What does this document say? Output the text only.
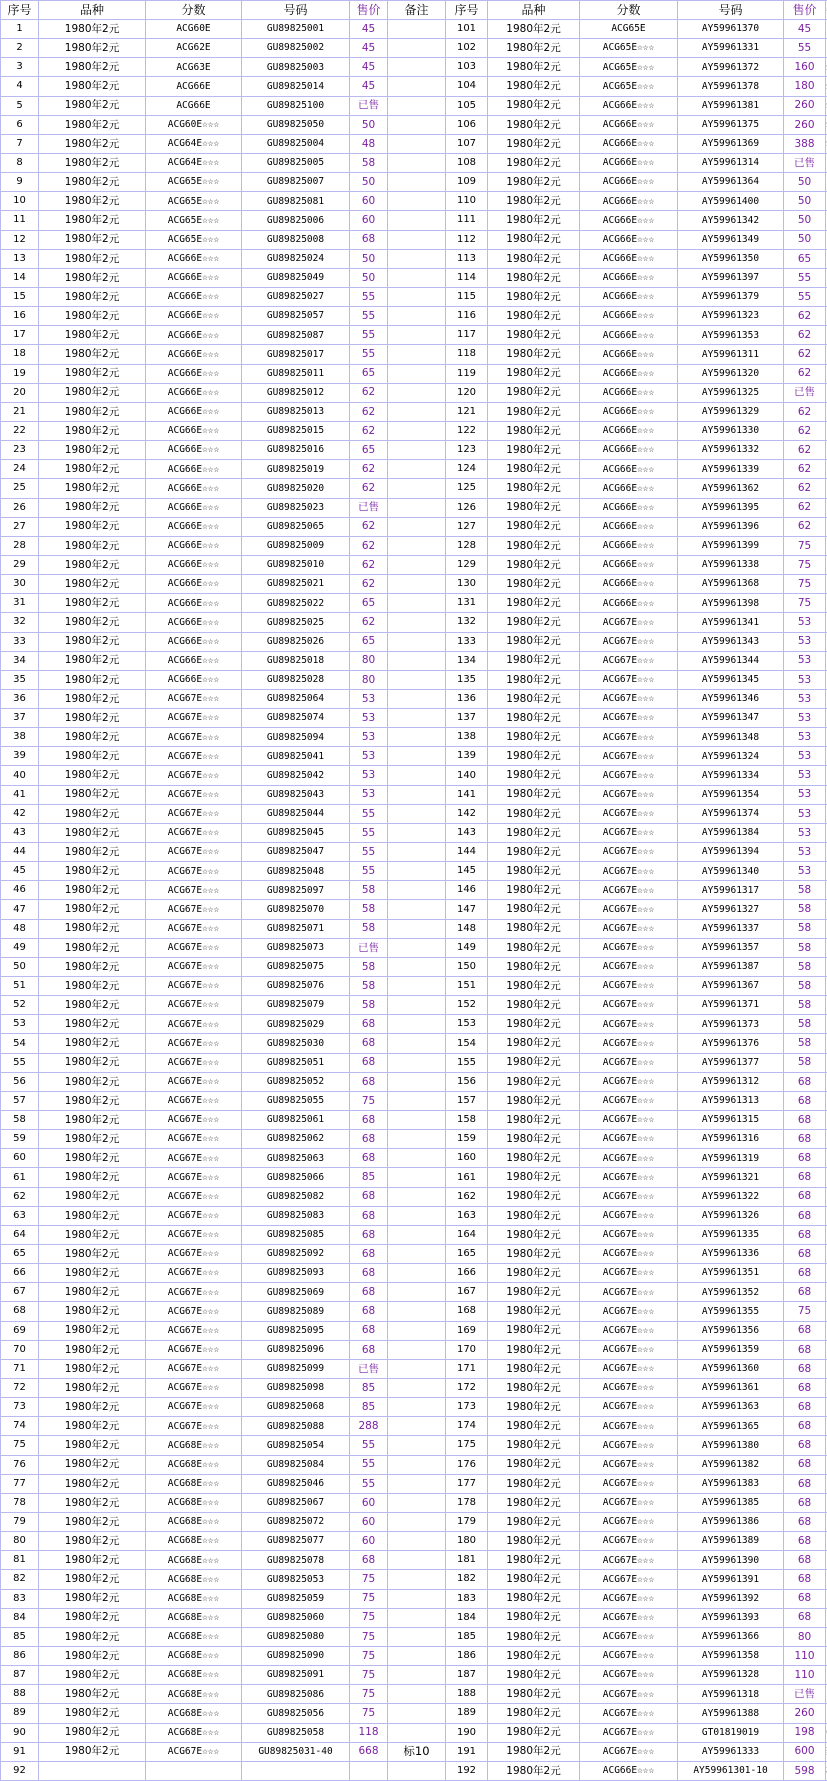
序号	品种	分数	号码	售价	备注	序号	品种	分数	号码	售价	
1	1980年2元	ACG60E	GU89825001	45		101	1980年2元	ACG65E	AY59961370	45	
2	1980年2元	ACG62E	GU89825002	45		102	1980年2元	ACG65E☆☆☆	AY59961331	55	
3	1980年2元	ACG63E	GU89825003	45		103	1980年2元	ACG65E☆☆☆	AY59961372	160	
4	1980年2元	ACG66E	GU89825014	45		104	1980年2元	ACG65E☆☆☆	AY59961378	180	
5	1980年2元	ACG66E	GU89825100	已售		105	1980年2元	ACG66E☆☆☆	AY59961381	260	
6	1980年2元	ACG60E☆☆☆	GU89825050	50		106	1980年2元	ACG66E☆☆☆	AY59961375	260	
7	1980年2元	ACG64E☆☆☆	GU89825004	48		107	1980年2元	ACG66E☆☆☆	AY59961369	388	
8	1980年2元	ACG64E☆☆☆	GU89825005	58		108	1980年2元	ACG66E☆☆☆	AY59961314	已售	
9	1980年2元	ACG65E☆☆☆	GU89825007	50		109	1980年2元	ACG66E☆☆☆	AY59961364	50	
10	1980年2元	ACG65E☆☆☆	GU89825081	60		110	1980年2元	ACG66E☆☆☆	AY59961400	50	
11	1980年2元	ACG65E☆☆☆	GU89825006	60		111	1980年2元	ACG66E☆☆☆	AY59961342	50	
12	1980年2元	ACG65E☆☆☆	GU89825008	68		112	1980年2元	ACG66E☆☆☆	AY59961349	50	
13	1980年2元	ACG66E☆☆☆	GU89825024	50		113	1980年2元	ACG66E☆☆☆	AY59961350	65	
14	1980年2元	ACG66E☆☆☆	GU89825049	50		114	1980年2元	ACG66E☆☆☆	AY59961397	55	
15	1980年2元	ACG66E☆☆☆	GU89825027	55		115	1980年2元	ACG66E☆☆☆	AY59961379	55	
16	1980年2元	ACG66E☆☆☆	GU89825057	55		116	1980年2元	ACG66E☆☆☆	AY59961323	62	
17	1980年2元	ACG66E☆☆☆	GU89825087	55		117	1980年2元	ACG66E☆☆☆	AY59961353	62	
18	1980年2元	ACG66E☆☆☆	GU89825017	55		118	1980年2元	ACG66E☆☆☆	AY59961311	62	
19	1980年2元	ACG66E☆☆☆	GU89825011	65		119	1980年2元	ACG66E☆☆☆	AY59961320	62	
20	1980年2元	ACG66E☆☆☆	GU89825012	62		120	1980年2元	ACG66E☆☆☆	AY59961325	已售	
21	1980年2元	ACG66E☆☆☆	GU89825013	62		121	1980年2元	ACG66E☆☆☆	AY59961329	62	
22	1980年2元	ACG66E☆☆☆	GU89825015	62		122	1980年2元	ACG66E☆☆☆	AY59961330	62	
23	1980年2元	ACG66E☆☆☆	GU89825016	65		123	1980年2元	ACG66E☆☆☆	AY59961332	62	
24	1980年2元	ACG66E☆☆☆	GU89825019	62		124	1980年2元	ACG66E☆☆☆	AY59961339	62	
25	1980年2元	ACG66E☆☆☆	GU89825020	62		125	1980年2元	ACG66E☆☆☆	AY59961362	62	
26	1980年2元	ACG66E☆☆☆	GU89825023	已售		126	1980年2元	ACG66E☆☆☆	AY59961395	62	
27	1980年2元	ACG66E☆☆☆	GU89825065	62		127	1980年2元	ACG66E☆☆☆	AY59961396	62	
28	1980年2元	ACG66E☆☆☆	GU89825009	62		128	1980年2元	ACG66E☆☆☆	AY59961399	75	
29	1980年2元	ACG66E☆☆☆	GU89825010	62		129	1980年2元	ACG66E☆☆☆	AY59961338	75	
30	1980年2元	ACG66E☆☆☆	GU89825021	62		130	1980年2元	ACG66E☆☆☆	AY59961368	75	
31	1980年2元	ACG66E☆☆☆	GU89825022	65		131	1980年2元	ACG66E☆☆☆	AY59961398	75	
32	1980年2元	ACG66E☆☆☆	GU89825025	62		132	1980年2元	ACG67E☆☆☆	AY59961341	53	
33	1980年2元	ACG66E☆☆☆	GU89825026	65		133	1980年2元	ACG67E☆☆☆	AY59961343	53	
34	1980年2元	ACG66E☆☆☆	GU89825018	80		134	1980年2元	ACG67E☆☆☆	AY59961344	53	
35	1980年2元	ACG66E☆☆☆	GU89825028	80		135	1980年2元	ACG67E☆☆☆	AY59961345	53	
36	1980年2元	ACG67E☆☆☆	GU89825064	53		136	1980年2元	ACG67E☆☆☆	AY59961346	53	
37	1980年2元	ACG67E☆☆☆	GU89825074	53		137	1980年2元	ACG67E☆☆☆	AY59961347	53	
38	1980年2元	ACG67E☆☆☆	GU89825094	53		138	1980年2元	ACG67E☆☆☆	AY59961348	53	
39	1980年2元	ACG67E☆☆☆	GU89825041	53		139	1980年2元	ACG67E☆☆☆	AY59961324	53	
40	1980年2元	ACG67E☆☆☆	GU89825042	53		140	1980年2元	ACG67E☆☆☆	AY59961334	53	
41	1980年2元	ACG67E☆☆☆	GU89825043	53		141	1980年2元	ACG67E☆☆☆	AY59961354	53	
42	1980年2元	ACG67E☆☆☆	GU89825044	55		142	1980年2元	ACG67E☆☆☆	AY59961374	53	
43	1980年2元	ACG67E☆☆☆	GU89825045	55		143	1980年2元	ACG67E☆☆☆	AY59961384	53	
44	1980年2元	ACG67E☆☆☆	GU89825047	55		144	1980年2元	ACG67E☆☆☆	AY59961394	53	
45	1980年2元	ACG67E☆☆☆	GU89825048	55		145	1980年2元	ACG67E☆☆☆	AY59961340	53	
46	1980年2元	ACG67E☆☆☆	GU89825097	58		146	1980年2元	ACG67E☆☆☆	AY59961317	58	
47	1980年2元	ACG67E☆☆☆	GU89825070	58		147	1980年2元	ACG67E☆☆☆	AY59961327	58	
48	1980年2元	ACG67E☆☆☆	GU89825071	58		148	1980年2元	ACG67E☆☆☆	AY59961337	58	
49	1980年2元	ACG67E☆☆☆	GU89825073	已售		149	1980年2元	ACG67E☆☆☆	AY59961357	58	
50	1980年2元	ACG67E☆☆☆	GU89825075	58		150	1980年2元	ACG67E☆☆☆	AY59961387	58	
51	1980年2元	ACG67E☆☆☆	GU89825076	58		151	1980年2元	ACG67E☆☆☆	AY59961367	58	
52	1980年2元	ACG67E☆☆☆	GU89825079	58		152	1980年2元	ACG67E☆☆☆	AY59961371	58	
53	1980年2元	ACG67E☆☆☆	GU89825029	68		153	1980年2元	ACG67E☆☆☆	AY59961373	58	
54	1980年2元	ACG67E☆☆☆	GU89825030	68		154	1980年2元	ACG67E☆☆☆	AY59961376	58	
55	1980年2元	ACG67E☆☆☆	GU89825051	68		155	1980年2元	ACG67E☆☆☆	AY59961377	58	
56	1980年2元	ACG67E☆☆☆	GU89825052	68		156	1980年2元	ACG67E☆☆☆	AY59961312	68	
57	1980年2元	ACG67E☆☆☆	GU89825055	75		157	1980年2元	ACG67E☆☆☆	AY59961313	68	
58	1980年2元	ACG67E☆☆☆	GU89825061	68		158	1980年2元	ACG67E☆☆☆	AY59961315	68	
59	1980年2元	ACG67E☆☆☆	GU89825062	68		159	1980年2元	ACG67E☆☆☆	AY59961316	68	
60	1980年2元	ACG67E☆☆☆	GU89825063	68		160	1980年2元	ACG67E☆☆☆	AY59961319	68	
61	1980年2元	ACG67E☆☆☆	GU89825066	85		161	1980年2元	ACG67E☆☆☆	AY59961321	68	
62	1980年2元	ACG67E☆☆☆	GU89825082	68		162	1980年2元	ACG67E☆☆☆	AY59961322	68	
63	1980年2元	ACG67E☆☆☆	GU89825083	68		163	1980年2元	ACG67E☆☆☆	AY59961326	68	
64	1980年2元	ACG67E☆☆☆	GU89825085	68		164	1980年2元	ACG67E☆☆☆	AY59961335	68	
65	1980年2元	ACG67E☆☆☆	GU89825092	68		165	1980年2元	ACG67E☆☆☆	AY59961336	68	
66	1980年2元	ACG67E☆☆☆	GU89825093	68		166	1980年2元	ACG67E☆☆☆	AY59961351	68	
67	1980年2元	ACG67E☆☆☆	GU89825069	68		167	1980年2元	ACG67E☆☆☆	AY59961352	68	
68	1980年2元	ACG67E☆☆☆	GU89825089	68		168	1980年2元	ACG67E☆☆☆	AY59961355	75	
69	1980年2元	ACG67E☆☆☆	GU89825095	68		169	1980年2元	ACG67E☆☆☆	AY59961356	68	
70	1980年2元	ACG67E☆☆☆	GU89825096	68		170	1980年2元	ACG67E☆☆☆	AY59961359	68	
71	1980年2元	ACG67E☆☆☆	GU89825099	已售		171	1980年2元	ACG67E☆☆☆	AY59961360	68	
72	1980年2元	ACG67E☆☆☆	GU89825098	85		172	1980年2元	ACG67E☆☆☆	AY59961361	68	
73	1980年2元	ACG67E☆☆☆	GU89825068	85		173	1980年2元	ACG67E☆☆☆	AY59961363	68	
74	1980年2元	ACG67E☆☆☆	GU89825088	288		174	1980年2元	ACG67E☆☆☆	AY59961365	68	
75	1980年2元	ACG68E☆☆☆	GU89825054	55		175	1980年2元	ACG67E☆☆☆	AY59961380	68	
76	1980年2元	ACG68E☆☆☆	GU89825084	55		176	1980年2元	ACG67E☆☆☆	AY59961382	68	
77	1980年2元	ACG68E☆☆☆	GU89825046	55		177	1980年2元	ACG67E☆☆☆	AY59961383	68	
78	1980年2元	ACG68E☆☆☆	GU89825067	60		178	1980年2元	ACG67E☆☆☆	AY59961385	68	
79	1980年2元	ACG68E☆☆☆	GU89825072	60		179	1980年2元	ACG67E☆☆☆	AY59961386	68	
80	1980年2元	ACG68E☆☆☆	GU89825077	60		180	1980年2元	ACG67E☆☆☆	AY59961389	68	
81	1980年2元	ACG68E☆☆☆	GU89825078	68		181	1980年2元	ACG67E☆☆☆	AY59961390	68	
82	1980年2元	ACG68E☆☆☆	GU89825053	75		182	1980年2元	ACG67E☆☆☆	AY59961391	68	
83	1980年2元	ACG68E☆☆☆	GU89825059	75		183	1980年2元	ACG67E☆☆☆	AY59961392	68	
84	1980年2元	ACG68E☆☆☆	GU89825060	75		184	1980年2元	ACG67E☆☆☆	AY59961393	68	
85	1980年2元	ACG68E☆☆☆	GU89825080	75		185	1980年2元	ACG67E☆☆☆	AY59961366	80	
86	1980年2元	ACG68E☆☆☆	GU89825090	75		186	1980年2元	ACG67E☆☆☆	AY59961358	110	
87	1980年2元	ACG68E☆☆☆	GU89825091	75		187	1980年2元	ACG67E☆☆☆	AY59961328	110	
88	1980年2元	ACG68E☆☆☆	GU89825086	75		188	1980年2元	ACG67E☆☆☆	AY59961318	已售	
89	1980年2元	ACG68E☆☆☆	GU89825056	75		189	1980年2元	ACG67E☆☆☆	AY59961388	260	
90	1980年2元	ACG68E☆☆☆	GU89825058	118		190	1980年2元	ACG67E☆☆☆	GT01819019	198	
91	1980年2元	ACG67E☆☆☆	GU89825031-40	668	标10	191	1980年2元	ACG67E☆☆☆	AY59961333	600	
92						192	1980年2元	ACG66E☆☆☆	AY59961301-10	598	
